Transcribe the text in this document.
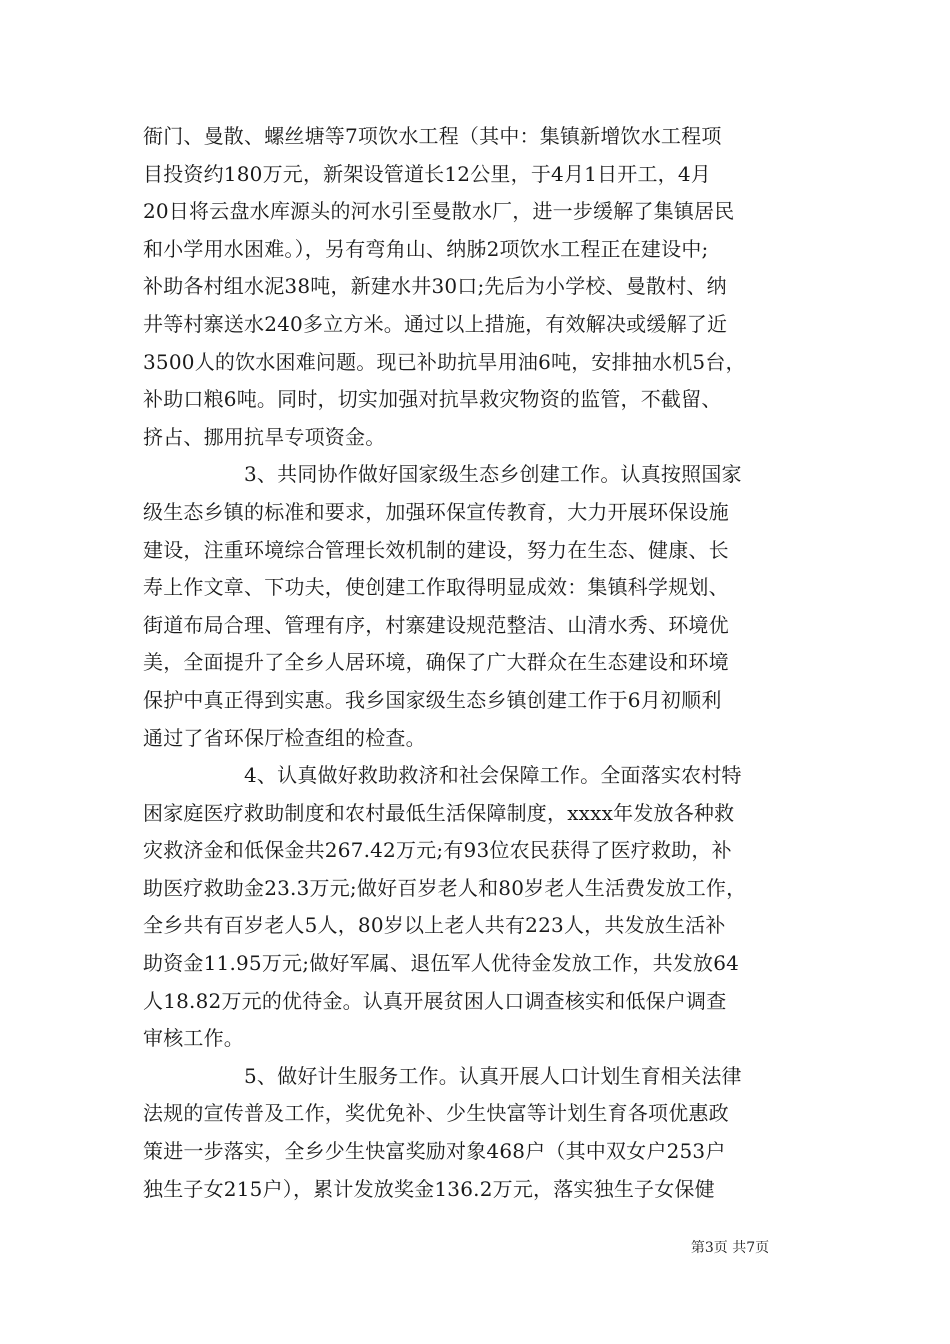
衙门、曼散、螺丝塘等7项饮水工程（其中：集镇新增饮水工程项
目投资约180万元，新架设管道长12公里，于4月1日开工，4月
20日将云盘水库源头的河水引至曼散水厂，进一步缓解了集镇居民
和小学用水困难。），另有弯角山、纳胏2项饮水工程正在建设中;
补助各村组水泥38吨，新建水井30口;先后为小学校、曼散村、纳
井等村寨送水240多立方米。通过以上措施，有效解决或缓解了近
3500人的饮水困难问题。现已补助抗旱用油6吨，安排抽水机5台，
补助口粮6吨。同时，切实加强对抗旱救灾物资的监管，不截留、
挤占、挪用抗旱专项资金。
　　　　　3、共同协作做好国家级生态乡创建工作。认真按照国家
级生态乡镇的标准和要求，加强环保宣传教育，大力开展环保设施
建设，注重环境综合管理长效机制的建设，努力在生态、健康、长
寿上作文章、下功夫，使创建工作取得明显成效：集镇科学规划、
街道布局合理、管理有序，村寨建设规范整洁、山清水秀、环境优
美，全面提升了全乡人居环境，确保了广大群众在生态建设和环境
保护中真正得到实惠。我乡国家级生态乡镇创建工作于6月初顺利
通过了省环保厅检查组的检查。
　　　　　4、认真做好救助救济和社会保障工作。全面落实农村特
困家庭医疗救助制度和农村最低生活保障制度，xxxx年发放各种救
灾救济金和低保金共267.42万元;有93位农民获得了医疗救助，补
助医疗救助金23.3万元;做好百岁老人和80岁老人生活费发放工作，
全乡共有百岁老人5人，80岁以上老人共有223人，共发放生活补
助资金11.95万元;做好军属、退伍军人优待金发放工作，共发放64
人18.82万元的优待金。认真开展贫困人口调查核实和低保户调查
审核工作。
　　　　　5、做好计生服务工作。认真开展人口计划生育相关法律
法规的宣传普及工作，奖优免补、少生快富等计划生育各项优惠政
策进一步落实，全乡少生快富奖励对象468户（其中双女户253户
独生子女215户），累计发放奖金136.2万元，落实独生子女保健
第3页 共7页
